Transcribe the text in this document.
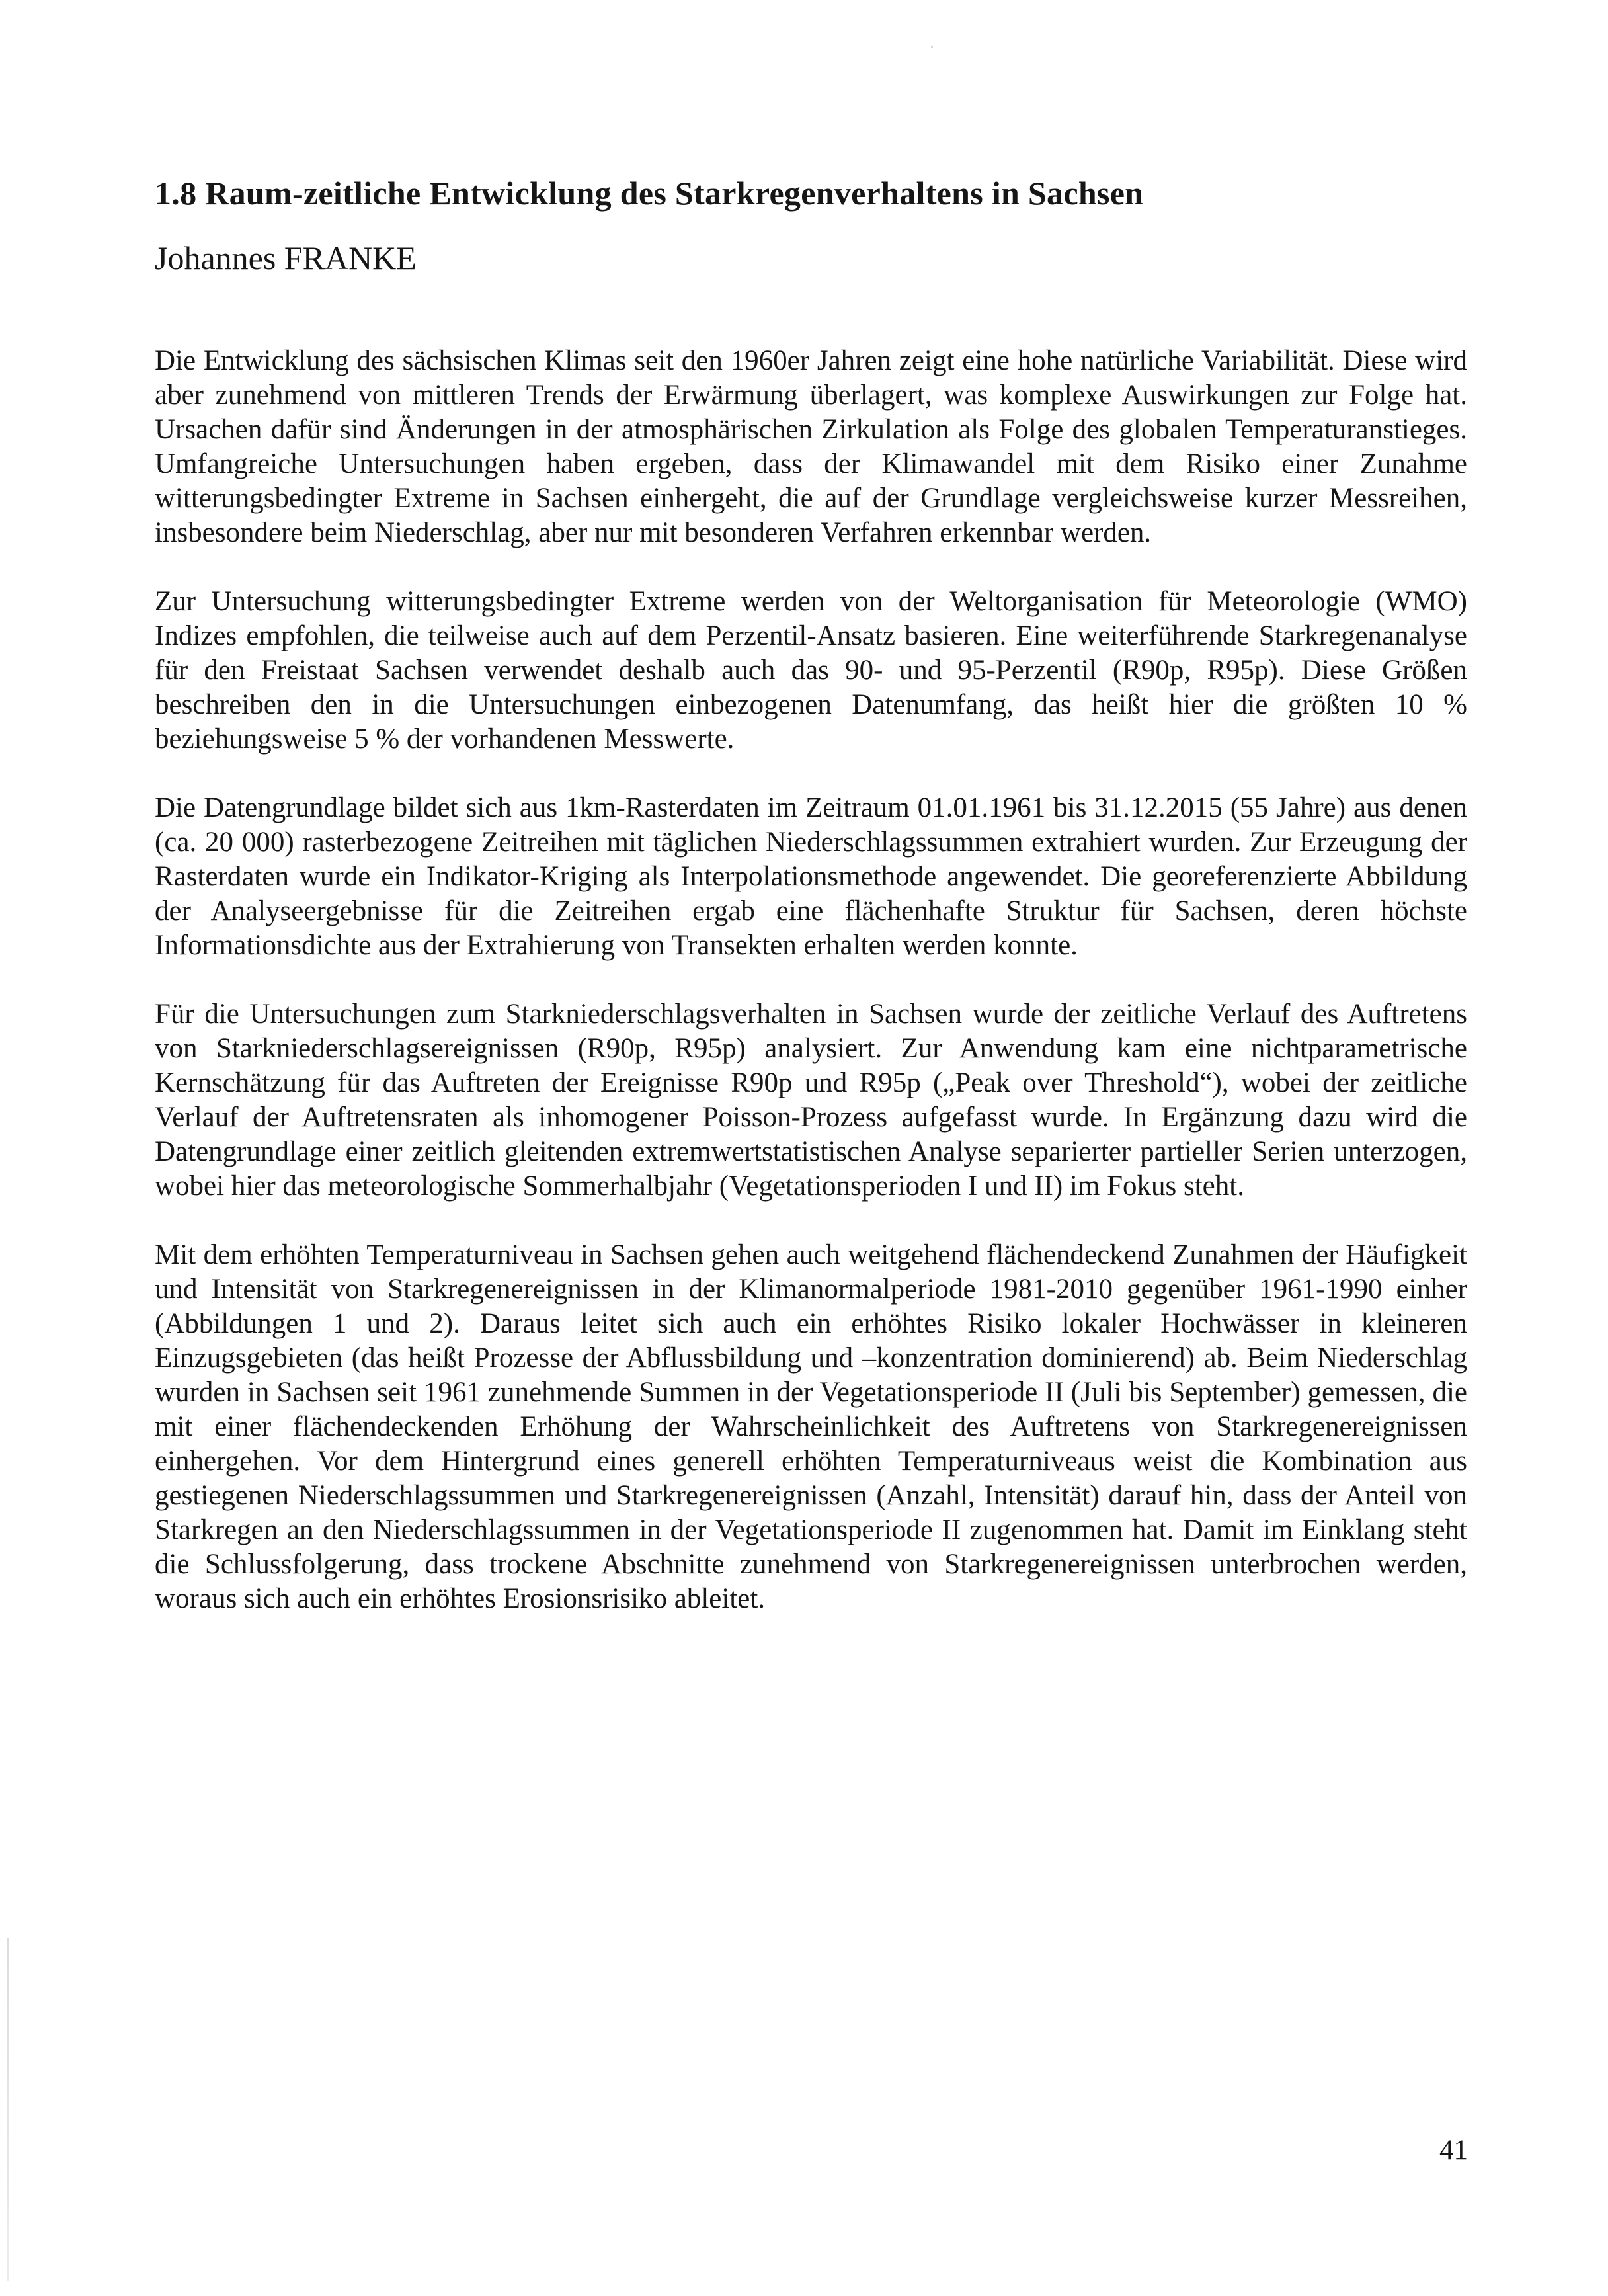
1.8 Raum-zeitliche Entwicklung des Starkregenverhaltens in Sachsen
Johannes FRANKE

Die Entwicklung des sächsischen Klimas seit den 1960er Jahren zeigt eine hohe natürliche Variabilität. Diese wird aber zunehmend von mittleren Trends der Erwärmung überlagert, was komplexe Auswirkungen zur Folge hat. Ursachen dafür sind Änderungen in der atmosphärischen Zirkulation als Folge des globalen Temperaturanstieges. Umfangreiche Untersuchungen haben ergeben, dass der Klimawandel mit dem Risiko einer Zunahme witterungsbedingter Extreme in Sachsen einhergeht, die auf der Grundlage vergleichsweise kurzer Messreihen, insbesondere beim Niederschlag, aber nur mit besonderen Verfahren erkennbar werden.

Zur Untersuchung witterungsbedingter Extreme werden von der Weltorganisation für Meteorologie (WMO) Indizes empfohlen, die teilweise auch auf dem Perzentil-Ansatz basieren. Eine weiterführende Starkregenanalyse für den Freistaat Sachsen verwendet deshalb auch das 90- und 95-Perzentil (R90p, R95p). Diese Größen beschreiben den in die Untersuchungen einbezogenen Datenumfang, das heißt hier die größten 10 % beziehungsweise 5 % der vorhandenen Messwerte.

Die Datengrundlage bildet sich aus 1km-Rasterdaten im Zeitraum 01.01.1961 bis 31.12.2015 (55 Jahre) aus denen (ca. 20 000) rasterbezogene Zeitreihen mit täglichen Niederschlagssummen extrahiert wurden. Zur Erzeugung der Rasterdaten wurde ein Indikator-Kriging als Interpolationsmethode angewendet. Die georeferenzierte Abbildung der Analyseergebnisse für die Zeitreihen ergab eine flächenhafte Struktur für Sachsen, deren höchste Informationsdichte aus der Extrahierung von Transekten erhalten werden konnte.

Für die Untersuchungen zum Starkniederschlagsverhalten in Sachsen wurde der zeitliche Verlauf des Auftretens von Starkniederschlagsereignissen (R90p, R95p) analysiert. Zur Anwendung kam eine nichtparametrische Kernschätzung für das Auftreten der Ereignisse R90p und R95p („Peak over Threshold“), wobei der zeitliche Verlauf der Auftretensraten als inhomogener Poisson-Prozess aufgefasst wurde. In Ergänzung dazu wird die Datengrundlage einer zeitlich gleitenden extremwertstatistischen Analyse separierter partieller Serien unterzogen, wobei hier das meteorologische Sommerhalbjahr (Vegetationsperioden I und II) im Fokus steht.

Mit dem erhöhten Temperaturniveau in Sachsen gehen auch weitgehend flächendeckend Zunahmen der Häufigkeit und Intensität von Starkregenereignissen in der Klimanormalperiode 1981-2010 gegenüber 1961-1990 einher (Abbildungen 1 und 2). Daraus leitet sich auch ein erhöhtes Risiko lokaler Hochwässer in kleineren Einzugsgebieten (das heißt Prozesse der Abflussbildung und –konzentration dominierend) ab. Beim Niederschlag wurden in Sachsen seit 1961 zunehmende Summen in der Vegetationsperiode II (Juli bis September) gemessen, die mit einer flächendeckenden Erhöhung der Wahrscheinlichkeit des Auftretens von Starkregenereignissen einhergehen. Vor dem Hintergrund eines generell erhöhten Temperaturniveaus weist die Kombination aus gestiegenen Niederschlagssummen und Starkregenereignissen (Anzahl, Intensität) darauf hin, dass der Anteil von Starkregen an den Niederschlagssummen in der Vegetationsperiode II zugenommen hat. Damit im Einklang steht die Schlussfolgerung, dass trockene Abschnitte zunehmend von Starkregenereignissen unterbrochen werden, woraus sich auch ein erhöhtes Erosionsrisiko ableitet.

41
